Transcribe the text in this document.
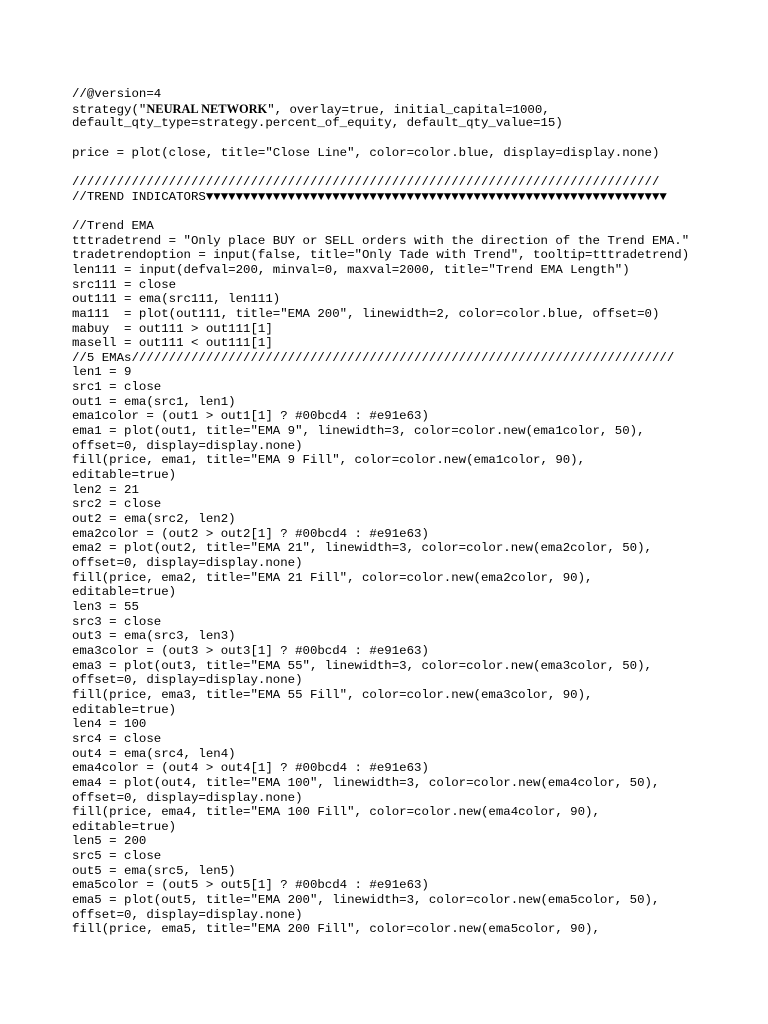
//@version=4
strategy("NEURAL NETWORK", overlay=true, initial_capital=1000,
default_qty_type=strategy.percent_of_equity, default_qty_value=15)
price = plot(close, title="Close Line", color=color.blue, display=display.none)
///////////////////////////////////////////////////////////////////////////////
//TREND INDICATORS▼▼▼▼▼▼▼▼▼▼▼▼▼▼▼▼▼▼▼▼▼▼▼▼▼▼▼▼▼▼▼▼▼▼▼▼▼▼▼▼▼▼▼▼▼▼▼▼▼▼▼▼▼▼▼▼▼▼▼▼▼▼
//Trend EMA
tttradetrend = "Only place BUY or SELL orders with the direction of the Trend EMA."
tradetrendoption = input(false, title="Only Tade with Trend", tooltip=tttradetrend)
len111 = input(defval=200, minval=0, maxval=2000, title="Trend EMA Length")
src111 = close
out111 = ema(src111, len111)
ma111  = plot(out111, title="EMA 200", linewidth=2, color=color.blue, offset=0)
mabuy  = out111 > out111[1]
masell = out111 < out111[1]
//5 EMAs/////////////////////////////////////////////////////////////////////////
len1 = 9
src1 = close
out1 = ema(src1, len1)
ema1color = (out1 > out1[1] ? #00bcd4 : #e91e63)
ema1 = plot(out1, title="EMA 9", linewidth=3, color=color.new(ema1color, 50),
offset=0, display=display.none)
fill(price, ema1, title="EMA 9 Fill", color=color.new(ema1color, 90),
editable=true)
len2 = 21
src2 = close
out2 = ema(src2, len2)
ema2color = (out2 > out2[1] ? #00bcd4 : #e91e63)
ema2 = plot(out2, title="EMA 21", linewidth=3, color=color.new(ema2color, 50),
offset=0, display=display.none)
fill(price, ema2, title="EMA 21 Fill", color=color.new(ema2color, 90),
editable=true)
len3 = 55
src3 = close
out3 = ema(src3, len3)
ema3color = (out3 > out3[1] ? #00bcd4 : #e91e63)
ema3 = plot(out3, title="EMA 55", linewidth=3, color=color.new(ema3color, 50),
offset=0, display=display.none)
fill(price, ema3, title="EMA 55 Fill", color=color.new(ema3color, 90),
editable=true)
len4 = 100
src4 = close
out4 = ema(src4, len4)
ema4color = (out4 > out4[1] ? #00bcd4 : #e91e63)
ema4 = plot(out4, title="EMA 100", linewidth=3, color=color.new(ema4color, 50),
offset=0, display=display.none)
fill(price, ema4, title="EMA 100 Fill", color=color.new(ema4color, 90),
editable=true)
len5 = 200
src5 = close
out5 = ema(src5, len5)
ema5color = (out5 > out5[1] ? #00bcd4 : #e91e63)
ema5 = plot(out5, title="EMA 200", linewidth=3, color=color.new(ema5color, 50),
offset=0, display=display.none)
fill(price, ema5, title="EMA 200 Fill", color=color.new(ema5color, 90),
